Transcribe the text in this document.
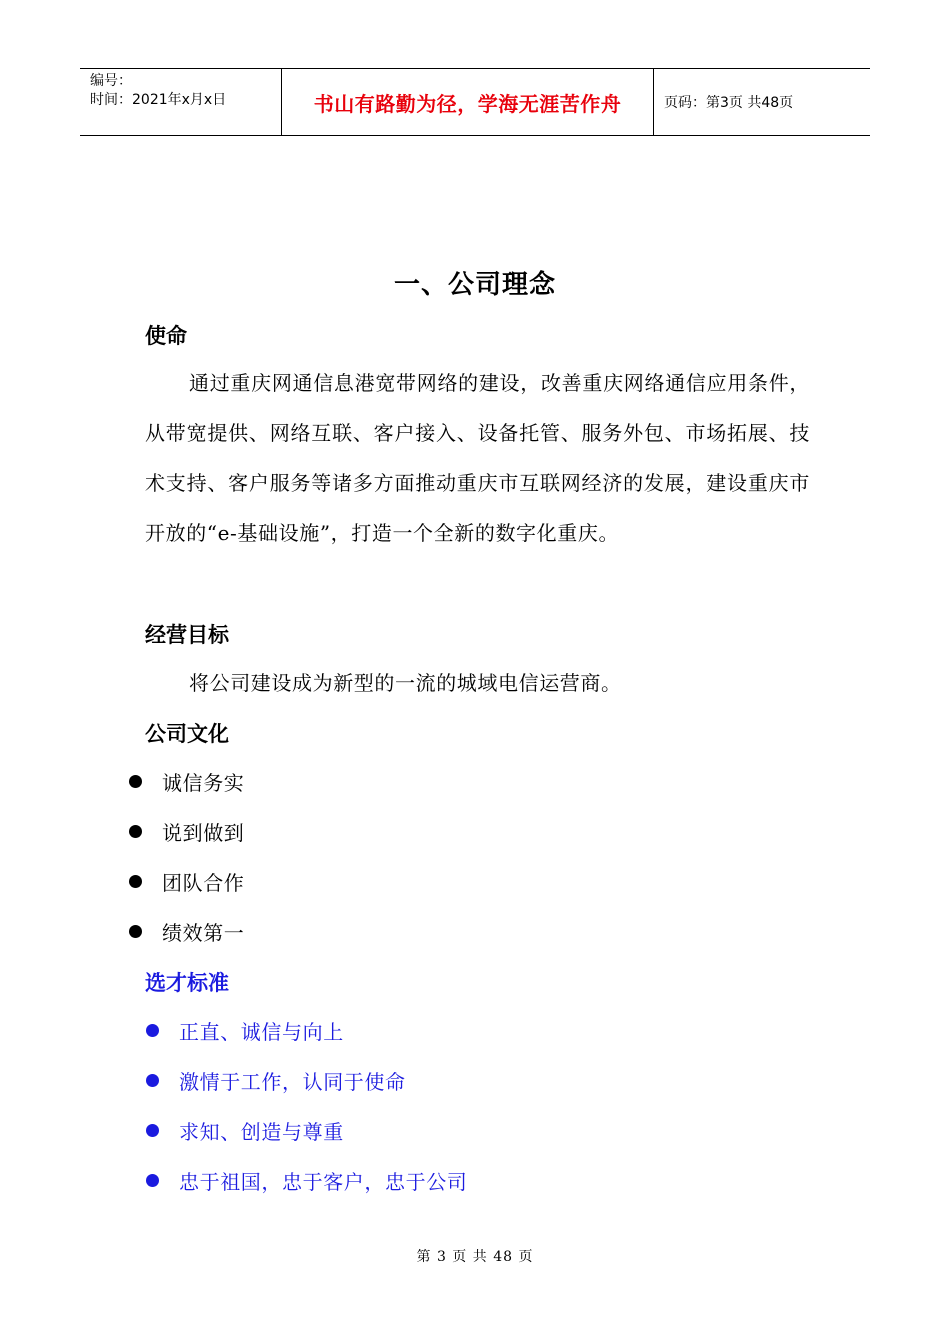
编号：
时间：2021年x月x日	书山有路勤为径，学海无涯苦作舟	页码：第3页 共48页
一、公司理念
使命
通过重庆网通信息港宽带网络的建设，改善重庆网络通信应用条件，从带宽提供、网络互联、客户接入、设备托管、服务外包、市场拓展、技术支持、客户服务等诸多方面推动重庆市互联网经济的发展，建设重庆市开放的“e-基础设施”，打造一个全新的数字化重庆。
经营目标
将公司建设成为新型的一流的城域电信运营商。
公司文化
诚信务实
说到做到
团队合作
绩效第一
选才标准
正直、诚信与向上
激情于工作，认同于使命
求知、创造与尊重
忠于祖国，忠于客户，忠于公司
第 3 页 共 48 页
